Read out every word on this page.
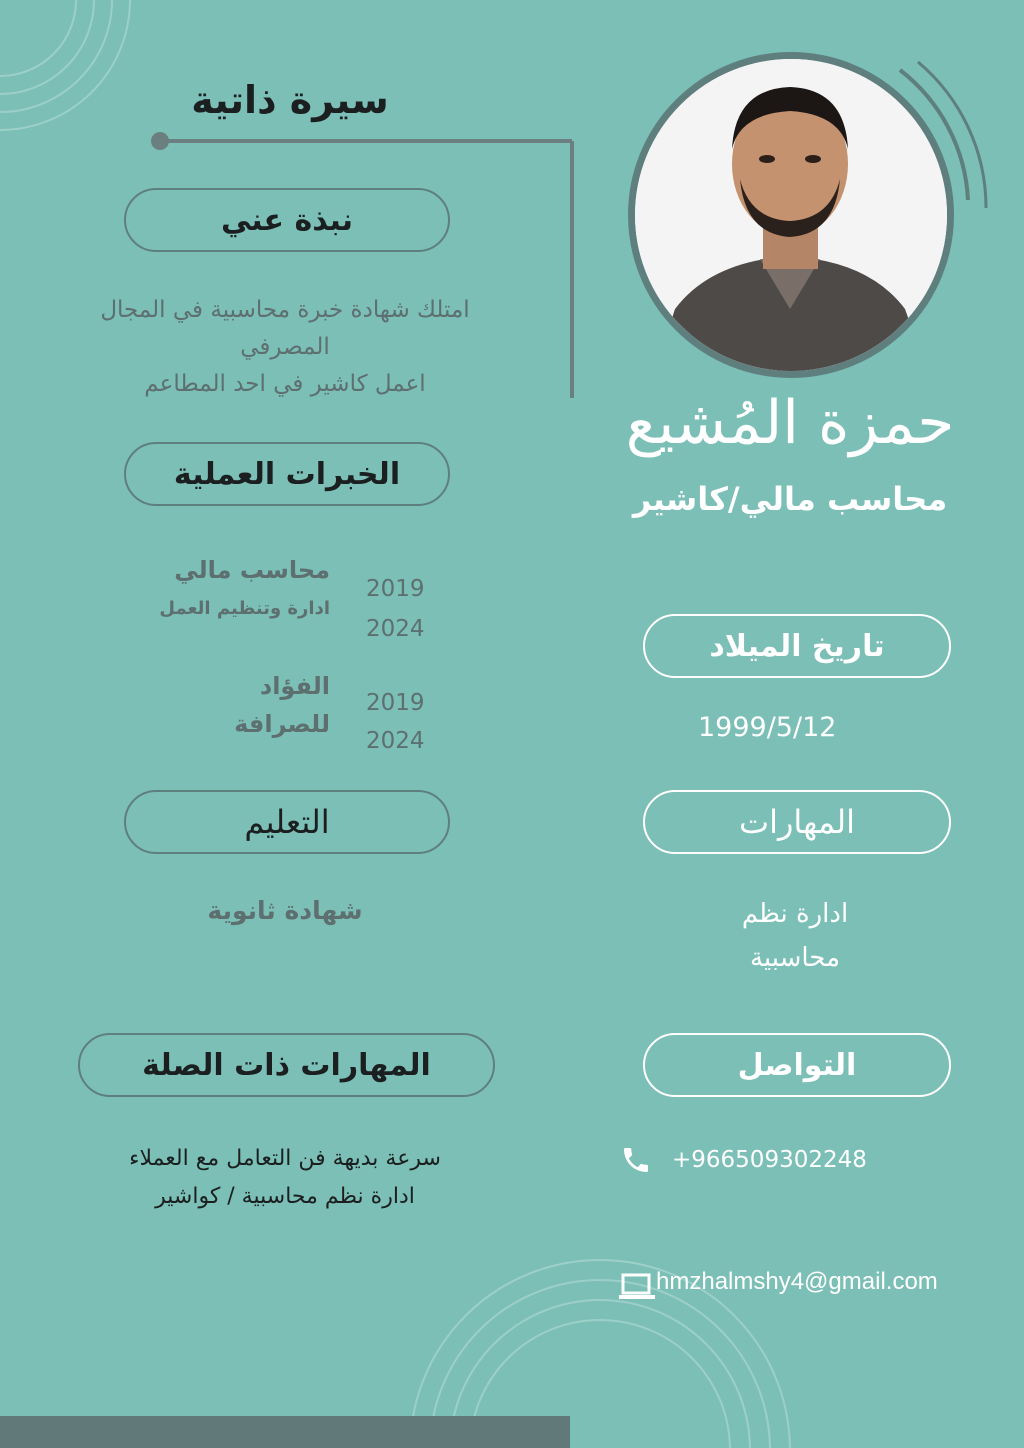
سيرة ذاتية
حمزة المُشيع
محاسب مالي/كاشير
نبذة عني
امتلك شهادة خبرة محاسبية في المجال
المصرفي
اعمل كاشير في احد المطاعم
الخبرات العملية
محاسب مالي
ادارة وتنظيم العمل
2019
2024
الفؤاد
للصرافة
2019
2024
التعليم
شهادة ثانوية
المهارات ذات الصلة
سرعة بديهة فن التعامل مع العملاء
ادارة نظم محاسبية / كواشير
تاريخ الميلاد
1999/5/12
المهارات
ادارة نظم
محاسبية
التواصل
+966509302248
hmzhalmshy4@gmail.com
